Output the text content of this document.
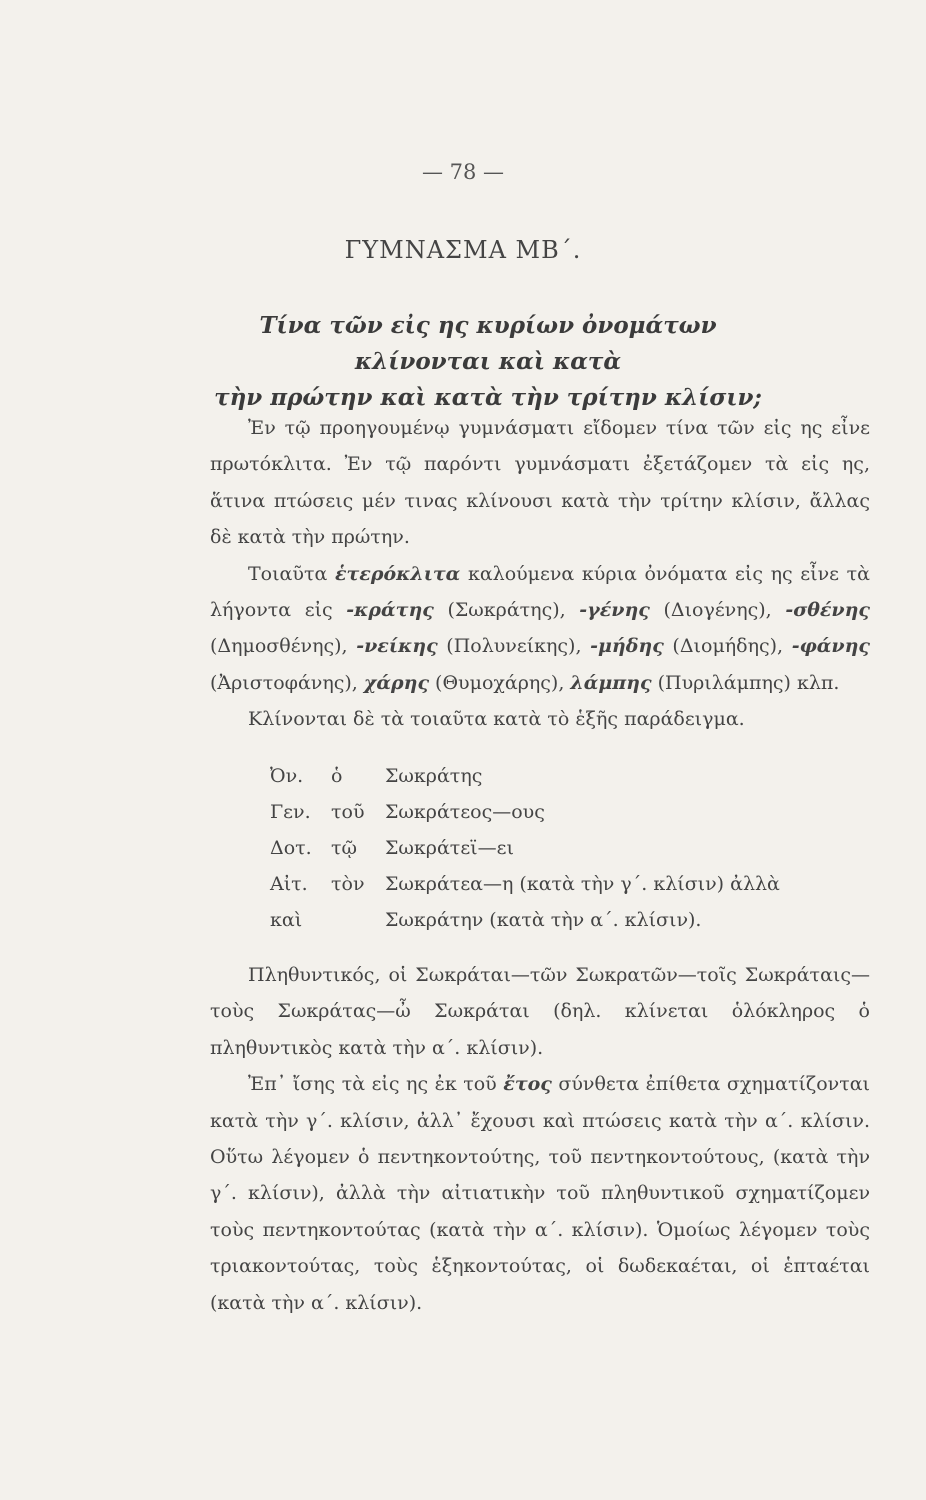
— 78 —
ΓΥΜΝΑΣΜΑ ΜΒ΄.
Τίνα τῶν εἰς ης κυρίων ὀνομάτων κλίνονται καὶ κατὰ
τὴν πρώτην καὶ κατὰ τὴν τρίτην κλίσιν;

Ἐν τῷ προηγουμένῳ γυμνάσματι εἴδομεν τίνα τῶν εἰς ης εἶνε πρωτόκλιτα. Ἐν τῷ παρόντι γυμνάσματι ἐξετάζομεν τὰ εἰς ης, ἅτινα πτώσεις μέν τινας κλίνουσι κατὰ τὴν τρίτην κλίσιν, ἄλλας δὲ κατὰ τὴν πρώτην.

Τοιαῦτα ἑτερόκλιτα καλούμενα κύρια ὀνόματα εἰς ης εἶνε τὰ λήγοντα εἰς -κράτης (Σωκράτης), -γένης (Διογένης), -σθένης (Δημοσθένης), -νείκης (Πολυνείκης), -μήδης (Διομήδης), -φάνης (Ἀριστοφάνης), χάρης (Θυμοχάρης), λάμπης (Πυριλάμπης) κλπ.

Κλίνονται δὲ τὰ τοιαῦτα κατὰ τὸ ἑξῆς παράδειγμα.

Ὀν. ὁ Σωκράτης
Γεν. τοῦ Σωκράτεος—ους
Δοτ. τῷ Σωκράτεϊ—ει
Αἰτ. τὸν Σωκράτεα—η (κατὰ τὴν γ΄. κλίσιν) ἀλλὰ
καὶ	Σωκράτην (κατὰ τὴν α΄. κλίσιν).

Πληθυντικός, οἱ Σωκράται—τῶν Σωκρατῶν—τοῖς Σωκράταις—τοὺς Σωκράτας—ὦ Σωκράται (δηλ. κλίνεται ὁλόκληρος ὁ πληθυντικὸς κατὰ τὴν α΄. κλίσιν).

Ἐπ᾽ ἴσης τὰ εἰς ης ἐκ τοῦ ἔτος σύνθετα ἐπίθετα σχηματίζονται κατὰ τὴν γ΄. κλίσιν, ἀλλ᾽ ἔχουσι καὶ πτώσεις κατὰ τὴν α΄. κλίσιν. Οὕτω λέγομεν ὁ πεντηκοντούτης, τοῦ πεντηκοντούτους, (κατὰ τὴν γ΄. κλίσιν), ἀλλὰ τὴν αἰτιατικὴν τοῦ πληθυντικοῦ σχηματίζομεν τοὺς πεντηκοντούτας (κατὰ τὴν α΄. κλίσιν). Ὁμοίως λέγομεν τοὺς τριακοντούτας, τοὺς ἑξηκοντούτας, οἱ δωδεκαέται, οἱ ἑπταέται (κατὰ τὴν α΄. κλίσιν).
